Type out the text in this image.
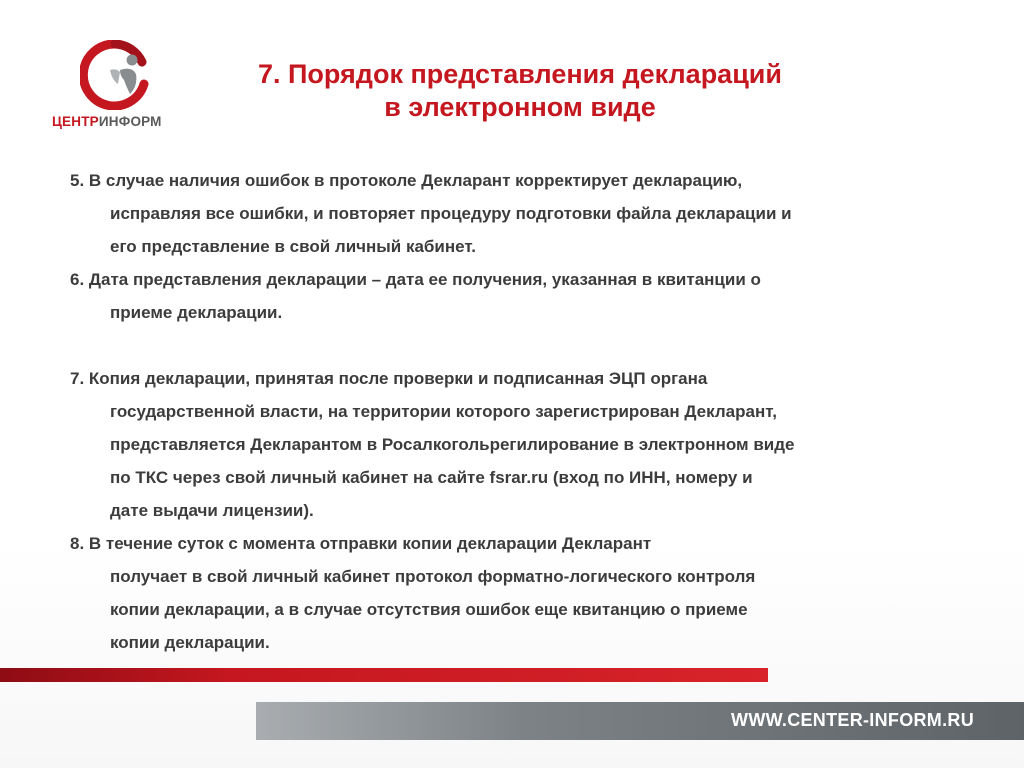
ЦЕНТРИНФОРМ
7. Порядок представления деклараций
в электронном виде
5. В случае наличия ошибок в протоколе Декларант корректирует декларацию,
исправляя все ошибки, и повторяет процедуру подготовки файла декларации и
его представление в свой личный кабинет.
6. Дата представления декларации – дата ее получения, указанная в квитанции о
приеме декларации.
7. Копия декларации, принятая после проверки и подписанная ЭЦП органа
государственной власти, на территории которого зарегистрирован Декларант,
представляется Декларантом в Росалкогольрегилирование в электронном виде
по ТКС через свой личный кабинет на сайте fsrar.ru (вход по ИНН, номеру и
дате выдачи лицензии).
8. В течение суток с момента отправки копии декларации Декларант
получает в свой личный кабинет протокол форматно-логического контроля
копии декларации, а в случае отсутствия ошибок еще квитанцию о приеме
копии декларации.
WWW.CENTER-INFORM.RU
